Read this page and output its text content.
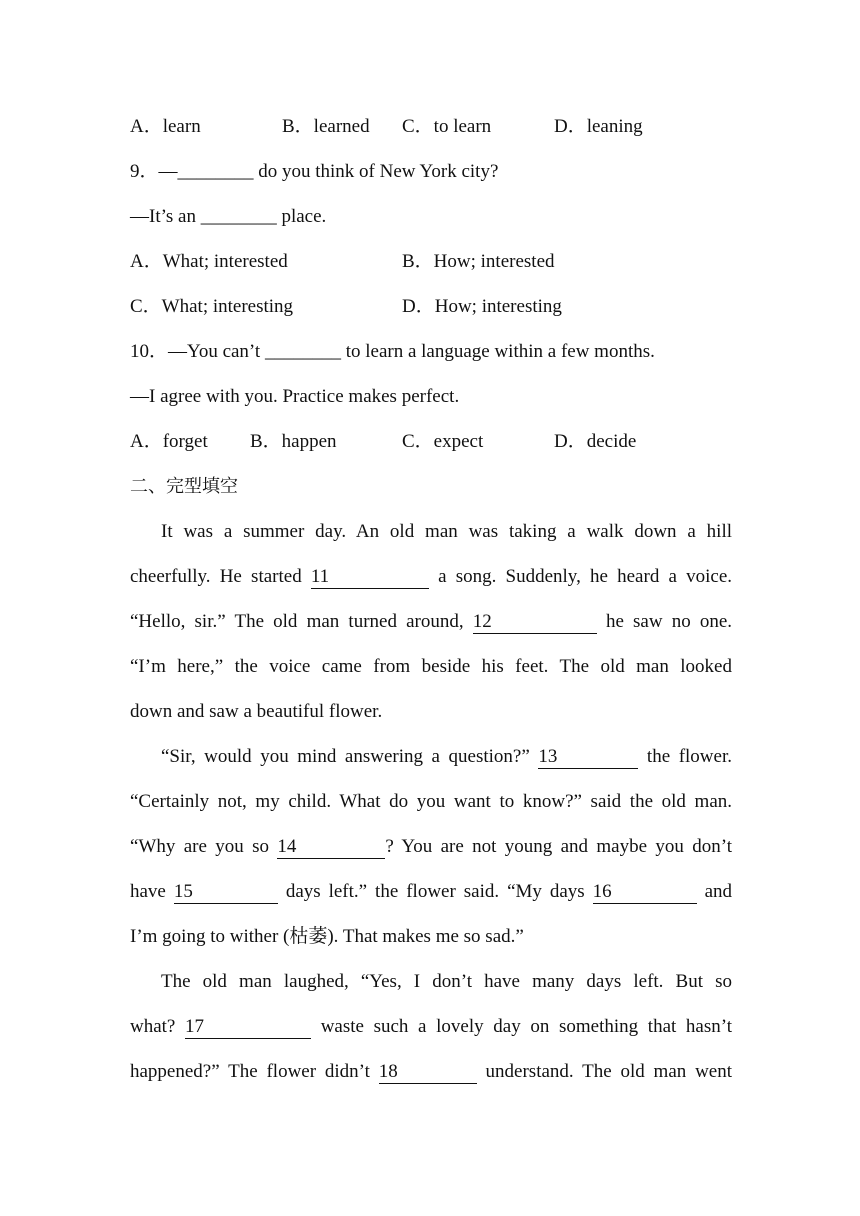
A．learn	B．learned C．to learn	D．leaning
9．—________ do you think of New York city?
—It’s an ________ place.
A．What; interested	B．How; interested
C．What; interesting	D．How; interesting
10．—You can’t ________ to learn a language within a few months.
—I agree with you. Practice makes perfect.
A．forget B．happen	C．expect	D．decide
二、完型填空
It was a summer day. An old man was taking a walk down a hill
cheerfully. He started 11	a song. Suddenly, he heard a voice.
“Hello, sir.” The old man turned around, 12	he saw no one.
“I’m here,” the voice came from beside his feet. The old man looked
down and saw a beautiful flower.
“Sir, would you mind answering a question?” 13	the flower.
“Certainly not, my child. What do you want to know?” said the old man.
“Why are you so 14	? You are not young and maybe you don’t
have 15	days left.” the flower said. “My days 16	and
I’m going to wither (枯萎). That makes me so sad.”
The old man laughed, “Yes, I don’t have many days left. But so
what? 17	waste such a lovely day on something that hasn’t
happened?” The flower didn’t 18	understand. The old man went
